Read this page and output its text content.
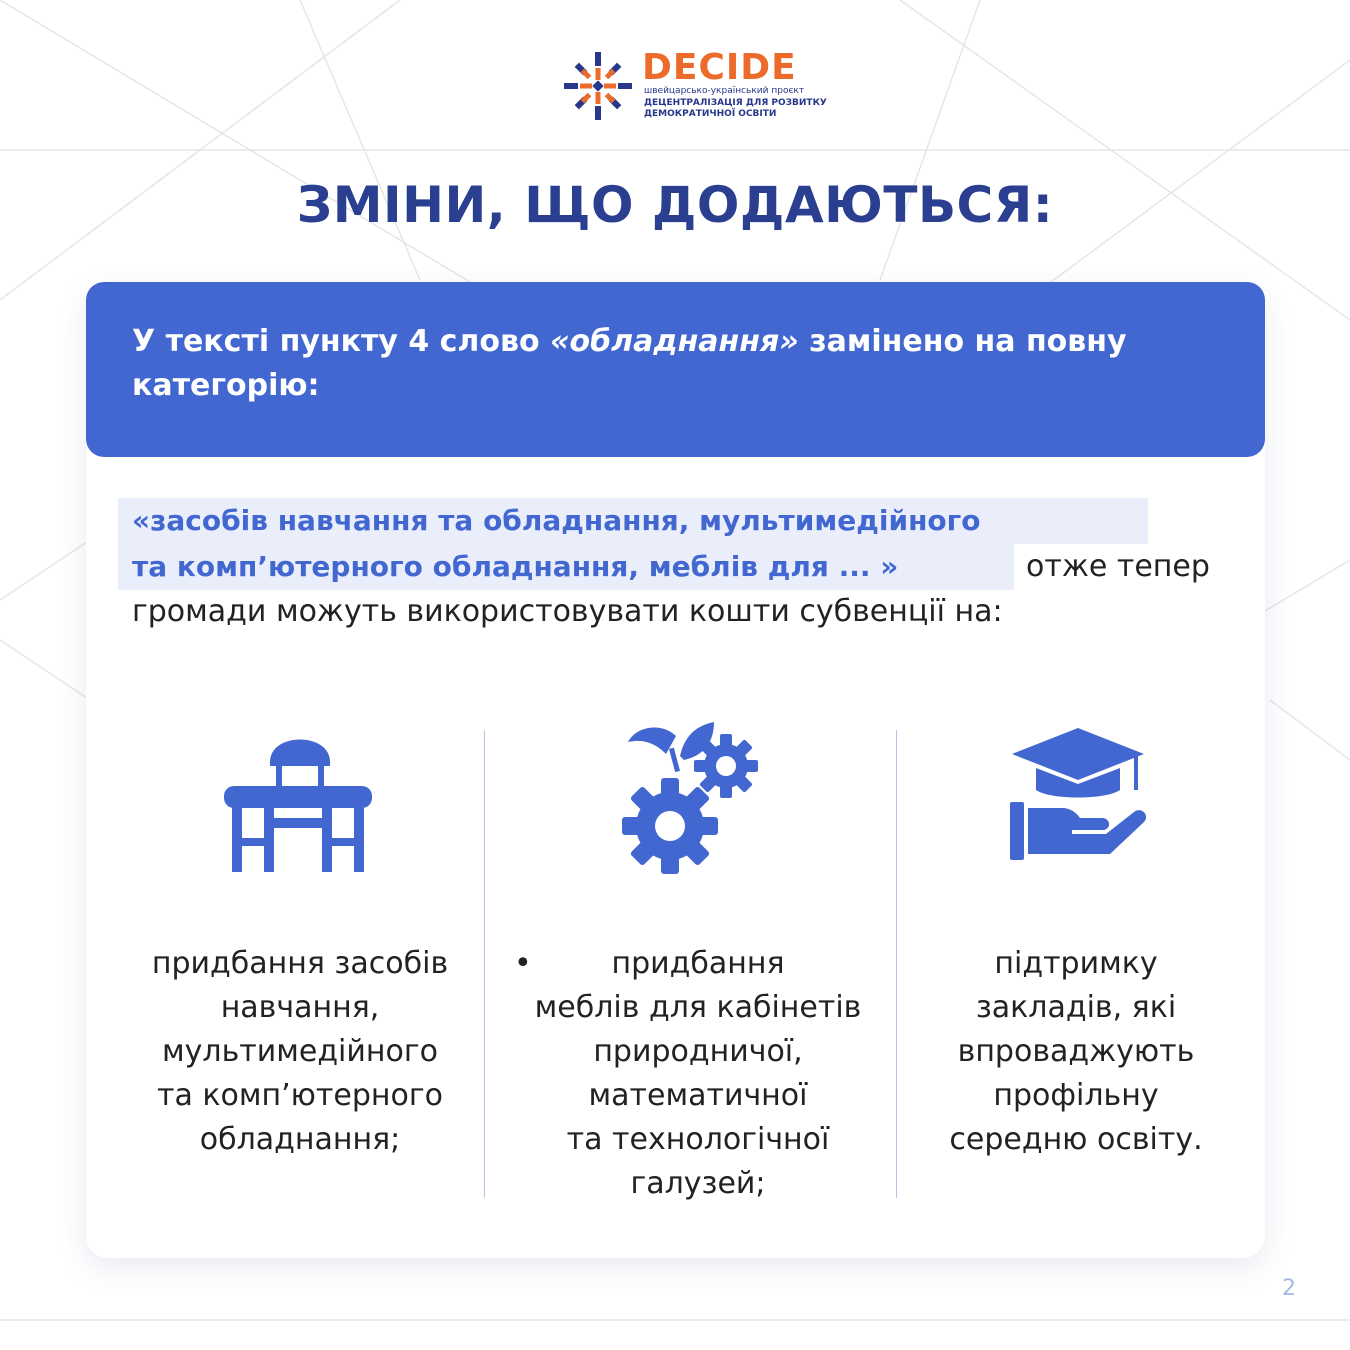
DECIDE
швейцарсько-український проєкт
ДЕЦЕНТРАЛІЗАЦІЯ ДЛЯ РОЗВИТКУ
ДЕМОКРАТИЧНОЇ ОСВІТИ
ЗМІНИ, ЩО ДОДАЮТЬСЯ:
У тексті пункту 4 слово «обладнання» замінено на повну категорію:
«засобів навчання та обладнання, мультимедійного
та комп’ютерного обладнання, меблів для ... »	отже тепер
громади можуть використовувати кошти субвенції на:
•
придбання засобів
навчання,
мультимедійного
та комп’ютерного
обладнання;
придбання
меблів для кабінетів
природничої,
математичної
та технологічної
галузей;
підтримку
закладів, які
впроваджують
профільну
середню освіту.
2
